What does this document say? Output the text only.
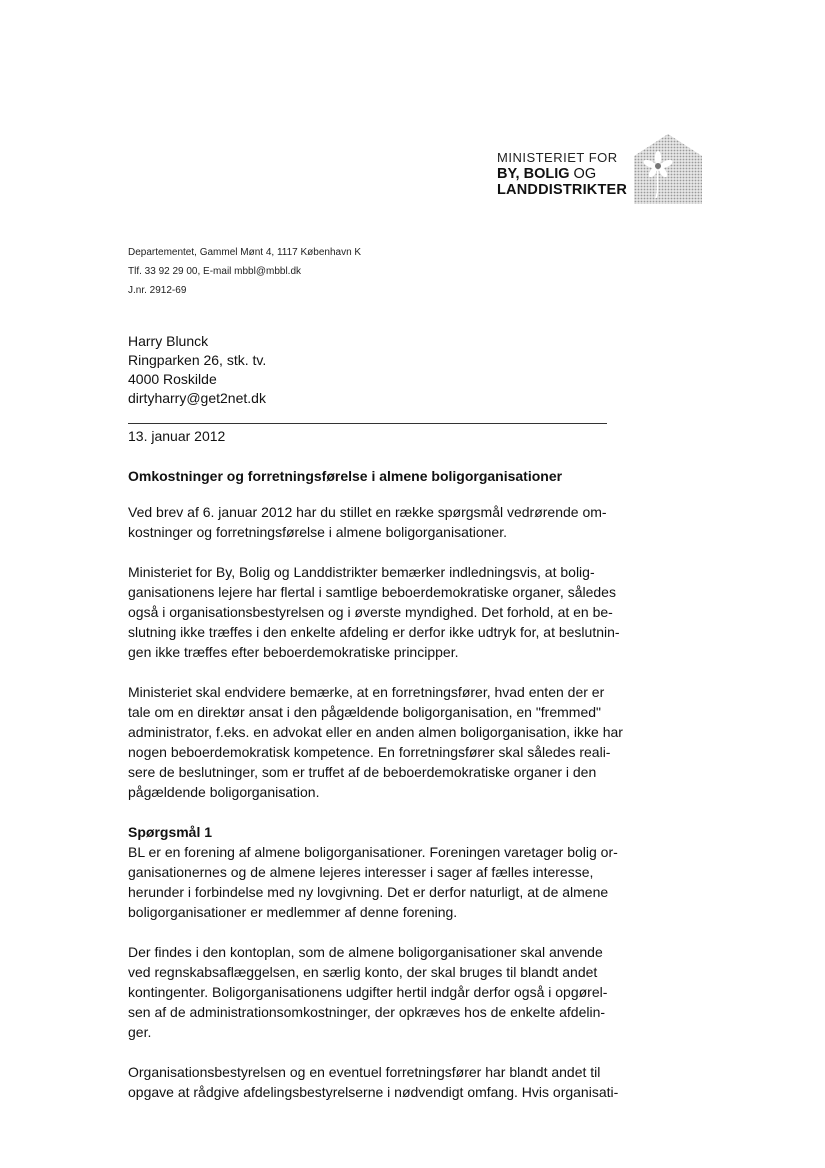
MINISTERIET FOR
BY, BOLIG OG
LANDDISTRIKTER
Departementet, Gammel Mønt 4, 1117 København K
Tlf. 33 92 29 00, E-mail mbbl@mbbl.dk
J.nr. 2912-69
Harry Blunck
Ringparken 26, stk. tv.
4000 Roskilde
dirtyharry@get2net.dk
13. januar 2012
Omkostninger og forretningsførelse i almene boligorganisationer

Ved brev af 6. januar 2012 har du stillet en række spørgsmål vedrørende om-
kostninger og forretningsførelse i almene boligorganisationer.

Ministeriet for By, Bolig og Landdistrikter bemærker indledningsvis, at bolig-
ganisationens lejere har flertal i samtlige beboerdemokratiske organer, således
også i organisationsbestyrelsen og i øverste myndighed. Det forhold, at en be-
slutning ikke træffes i den enkelte afdeling er derfor ikke udtryk for, at beslutnin-
gen ikke træffes efter beboerdemokratiske principper.

Ministeriet skal endvidere bemærke, at en forretningsfører, hvad enten der er
tale om en direktør ansat i den pågældende boligorganisation, en "fremmed"
administrator, f.eks. en advokat eller en anden almen boligorganisation, ikke har
nogen beboerdemokratisk kompetence. En forretningsfører skal således reali-
sere de beslutninger, som er truffet af de beboerdemokratiske organer i den
pågældende boligorganisation.

Spørgsmål 1

BL er en forening af almene boligorganisationer. Foreningen varetager bolig or-
ganisationernes og de almene lejeres interesser i sager af fælles interesse,
herunder i forbindelse med ny lovgivning. Det er derfor naturligt, at de almene
boligorganisationer er medlemmer af denne forening.

Der findes i den kontoplan, som de almene boligorganisationer skal anvende
ved regnskabsaflæggelsen, en særlig konto, der skal bruges til blandt andet
kontingenter. Boligorganisationens udgifter hertil indgår derfor også i opgørel-
sen af de administrationsomkostninger, der opkræves hos de enkelte afdelin-
ger.

Organisationsbestyrelsen og en eventuel forretningsfører har blandt andet til
opgave at rådgive afdelingsbestyrelserne i nødvendigt omfang. Hvis organisati-
